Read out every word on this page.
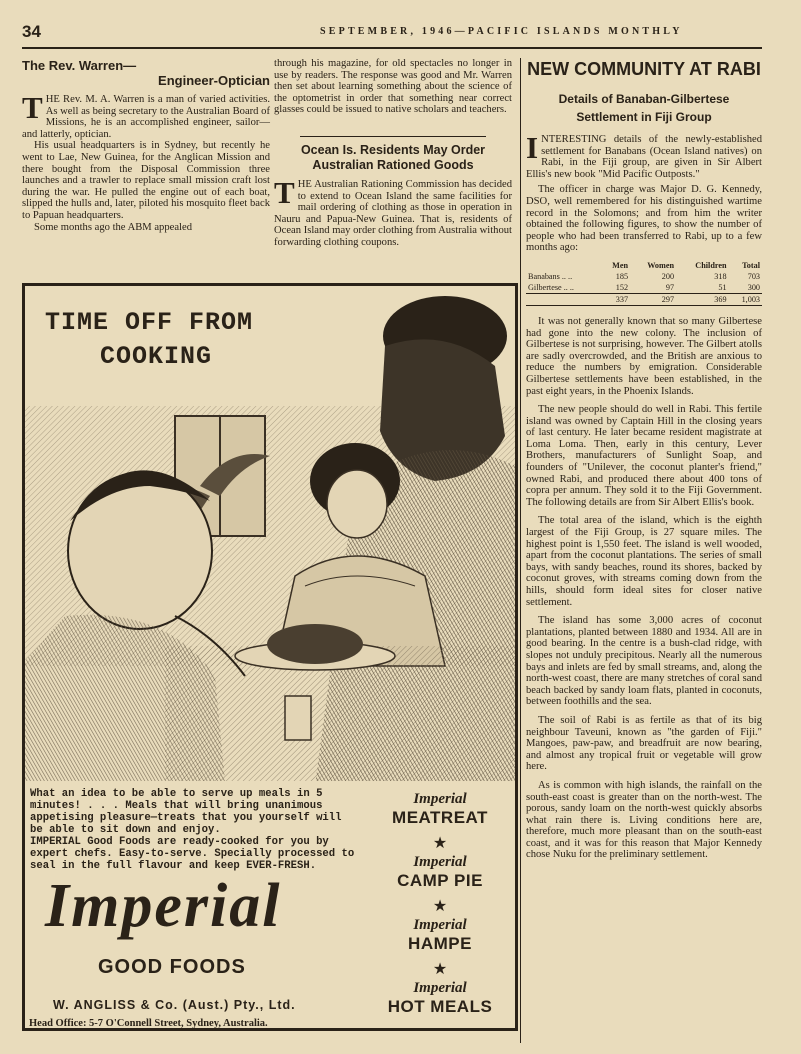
34	SEPTEMBER, 1946—PACIFIC ISLANDS MONTHLY
The Rev. Warren—
Engineer-Optician

THE Rev. M. A. Warren is a man of varied activities. As well as being secretary to the Australian Board of Missions, he is an accomplished engineer, sailor—and latterly, optician.

His usual headquarters is in Sydney, but recently he went to Lae, New Guinea, for the Anglican Mission and there bought from the Disposal Commission three launches and a trawler to replace small mission craft lost during the war. He pulled the engine out of each boat, slipped the hulls and, later, piloted his mosquito fleet back to Papuan headquarters.

Some months ago the ABM appealed

through his magazine, for old spectacles no longer in use by readers. The response was good and Mr. Warren then set about learning something about the science of the optometrist in order that something near correct glasses could be issued to native scholars and teachers.

Ocean Is. Residents May Order Australian Rationed Goods

THE Australian Rationing Commission has decided to extend to Ocean Island the same facilities for mail ordering of clothing as those in operation in Nauru and Papua-New Guinea. That is, residents of Ocean Island may order clothing from Australia without forwarding clothing coupons.

TIME OFF FROM
COOKING
What an idea to be able to serve up meals in 5 minutes! . . . Meals that will bring unanimous appetising pleasure—treats that you yourself will be able to sit down and enjoy.
IMPERIAL Good Foods are ready-cooked for you by expert chefs. Easy-to-serve. Specially processed to seal in the full flavour and keep EVER-FRESH.
Imperial
GOOD FOODS
W. ANGLISS & Co. (Aust.) Pty., Ltd.
Head Office: 5-7 O'Connell Street, Sydney, Australia.
Imperial
MEATREAT
★
Imperial
CAMP PIE
★
Imperial
HAMPE
★
Imperial
HOT MEALS
NEW COMMUNITY AT RABI
Details of Banaban-Gilbertese Settlement in Fiji Group

INTERESTING details of the newly-established settlement for Banabans (Ocean Island natives) on Rabi, in the Fiji group, are given in Sir Albert Ellis's new book "Mid Pacific Outposts."

The officer in charge was Major D. G. Kennedy, DSO, well remembered for his distinguished wartime record in the Solomons; and from him the writer obtained the following figures, to show the number of people who had been transferred to Rabi, up to a few months ago:

	Men	Women	Children	Total
Banabans .. ..	185	200	318	703
Gilbertese .. ..	152	97	51	300
	337	297	369	1,003

It was not generally known that so many Gilbertese had gone into the new colony. The inclusion of Gilbertese is not surprising, however. The Gilbert atolls are sadly overcrowded, and the British are anxious to reduce the numbers by emigration. Considerable Gilbertese settlements have been established, in the past eight years, in the Phoenix Islands.

The new people should do well in Rabi. This fertile island was owned by Captain Hill in the closing years of last century. He later became resident magistrate at Loma Loma. Then, early in this century, Lever Brothers, manufacturers of Sunlight Soap, and founders of "Unilever, the coconut planter's friend," owned Rabi, and produced there about 400 tons of copra per annum. They sold it to the Fiji Government. The following details are from Sir Albert Ellis's book.

The total area of the island, which is the eighth largest of the Fiji Group, is 27 square miles. The highest point is 1,550 feet. The island is well wooded, apart from the coconut plantations. The series of small bays, with sandy beaches, round its shores, backed by coconut groves, with streams coming down from the hills, should form ideal sites for closer native settlement.

The island has some 3,000 acres of coconut plantations, planted between 1880 and 1934. All are in good bearing. In the centre is a bush-clad ridge, with slopes not unduly precipitous. Nearly all the numerous bays and inlets are fed by small streams, and, along the north-west coast, there are many stretches of coral sand beach backed by sandy loam flats, planted in coconuts, between foothills and the sea.

The soil of Rabi is as fertile as that of its big neighbour Taveuni, known as "the garden of Fiji." Mangoes, paw-paw, and breadfruit are now bearing, and almost any tropical fruit or vegetable will grow here.

As is common with high islands, the rainfall on the south-east coast is greater than on the north-west. The porous, sandy loam on the north-west quickly absorbs what rain there is. Living conditions here are, therefore, much more pleasant than on the south-east coast, and it was for this reason that Major Kennedy chose Nuku for the preliminary settlement.
